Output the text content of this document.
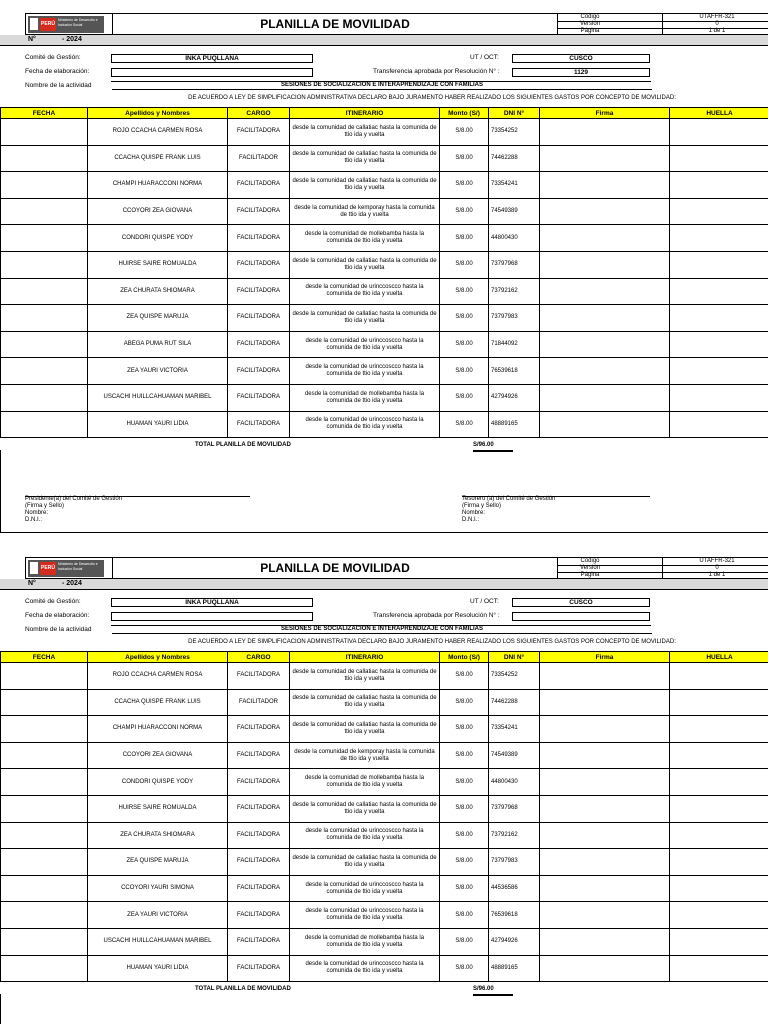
PERÚ
Ministerio de Desarrollo e Inclusión Social	PLANILLA DE MOVILIDAD	Código	UTAFFR-321
Versión	0
Página	1 de 1
N°	- 2024
Comité de Gestión:	INKA PUQLLANA
Fecha de elaboración:
Nombre de la actividad
UT / OCT:	CUSCO
Transferencia aprobada por Resolución N° :	1129
SESIONES DE SOCIALIZACION E INTERAPRENDIZAJE CON FAMILIAS
DE ACUERDO A LEY DE SIMPLIFICACION ADMINISTRATIVA DECLARO BAJO JURAMENTO HABER REALIZADO LOS SIGUIENTES GASTOS POR CONCEPTO DE MOVILIDAD:
FECHA	Apellidos y Nombres	CARGO	ITINERARIO	Monto (S/)	DNI N°	Firma	HUELLA
	ROJO CCACHA CARMEN ROSA	FACILITADORA	desde la comunidad de callatiac hasta la comunida de ttio ida y vuelta	S/8.00	73354252		
	CCACHA QUISPE FRANK LUIS	FACILITADOR	desde la comunidad de callatiac hasta la comunida de ttio ida y vuelta	S/8.00	74462288		
	CHAMPI HUARACCONI NORMA	FACILITADORA	desde la comunidad de callatiac hasta la comunida de ttio ida y vuelta	S/8.00	73354241		
	CCOYORI ZEA GIOVANA	FACILITADORA	desde la comunidad de kemporay hasta la comunida de ttio ida y vuelta	S/8.00	74549389		
	CONDORI QUISPE YODY	FACILITADORA	desde la comunidad de mollebamba hasta la comunida de ttio ida y vuelta	S/8.00	44800430		
	HUIRSE SAIRE ROMUALDA	FACILITADORA	desde la comunidad de callatiac hasta la comunida de ttio ida y vuelta	S/8.00	73797968		
	ZEA CHURATA SHIOMARA	FACILITADORA	desde la comunidad de urinccoscco hasta la comunida de ttio ida y vuelta	S/8.00	73792162		
	ZEA QUISPE MARUJA	FACILITADORA	desde la comunidad de callatiac hasta la comunida de ttio ida y vuelta	S/8.00	73797983		
	ABEGA PUMA RUT SILA	FACILITADORA	desde la comunidad de urinccoscco hasta la comunida de ttio ida y vuelta	S/8.00	71844092		
	ZEA YAURI VICTORIA	FACILITADORA	desde la comunidad de urinccoscco hasta la comunida de ttio ida y vuelta	S/8.00	76539618		
	USCACHI HUILLCAHUAMAN MARIBEL	FACILITADORA	desde la comunidad de mollebamba hasta la comunida de ttio ida y vuelta	S/8.00	42794926		
	HUAMAN YAURI LIDIA	FACILITADORA	desde la comunidad de urinccoscco hasta la comunida de ttio ida y vuelta	S/8.00	48889165		
TOTAL PLANILLA DE MOVILIDAD	S/96.00
Presidente(a) del Comité de Gestión
(Firma y Sello)
Nombre:
D.N.I.:
Tesorero (a) del Comité de Gestión
(Firma y Sello)
Nombre:
D.N.I.:
PERÚ
Ministerio de Desarrollo e Inclusión Social	PLANILLA DE MOVILIDAD	Código	UTAFFR-321
Versión	0
Página	1 de 1
N°	- 2024
Comité de Gestión:	INKA PUQLLANA
Fecha de elaboración:
Nombre de la actividad
UT / OCT:	CUSCO
Transferencia aprobada por Resolución N° :
SESIONES DE SOCIALIZACION E INTERAPRENDIZAJE CON FAMILIAS
DE ACUERDO A LEY DE SIMPLIFICACION ADMINISTRATIVA DECLARO BAJO JURAMENTO HABER REALIZADO LOS SIGUIENTES GASTOS POR CONCEPTO DE MOVILIDAD:
FECHA	Apellidos y Nombres	CARGO	ITINERARIO	Monto (S/)	DNI N°	Firma	HUELLA
	ROJO CCACHA CARMEN ROSA	FACILITADORA	desde la comunidad de callatiac hasta la comunida de ttio ida y vuelta	S/8.00	73354252		
	CCACHA QUISPE FRANK LUIS	FACILITADOR	desde la comunidad de callatiac hasta la comunida de ttio ida y vuelta	S/8.00	74462288		
	CHAMPI HUARACCONI NORMA	FACILITADORA	desde la comunidad de callatiac hasta la comunida de ttio ida y vuelta	S/8.00	73354241		
	CCOYORI ZEA GIOVANA	FACILITADORA	desde la comunidad de kemporay hasta la comunida de ttio ida y vuelta	S/8.00	74549389		
	CONDORI QUISPE YODY	FACILITADORA	desde la comunidad de mollebamba hasta la comunida de ttio ida y vuelta	S/8.00	44800430		
	HUIRSE SAIRE ROMUALDA	FACILITADORA	desde la comunidad de callatiac hasta la comunida de ttio ida y vuelta	S/8.00	73797968		
	ZEA CHURATA SHIOMARA	FACILITADORA	desde la comunidad de urinccoscco hasta la comunida de ttio ida y vuelta	S/8.00	73792162		
	ZEA QUISPE MARUJA	FACILITADORA	desde la comunidad de callatiac hasta la comunida de ttio ida y vuelta	S/8.00	73797983		
	CCOYORI YAURI SIMONA	FACILITADORA	desde la comunidad de urinccoscco hasta la comunida de ttio ida y vuelta	S/8.00	44536586		
	ZEA YAURI VICTORIA	FACILITADORA	desde la comunidad de urinccoscco hasta la comunida de ttio ida y vuelta	S/8.00	76539618		
	USCACHI HUILLCAHUAMAN MARIBEL	FACILITADORA	desde la comunidad de mollebamba hasta la comunida de ttio ida y vuelta	S/8.00	42794926		
	HUAMAN YAURI LIDIA	FACILITADORA	desde la comunidad de urinccoscco hasta la comunida de ttio ida y vuelta	S/8.00	48889165		
TOTAL PLANILLA DE MOVILIDAD	S/96.00
